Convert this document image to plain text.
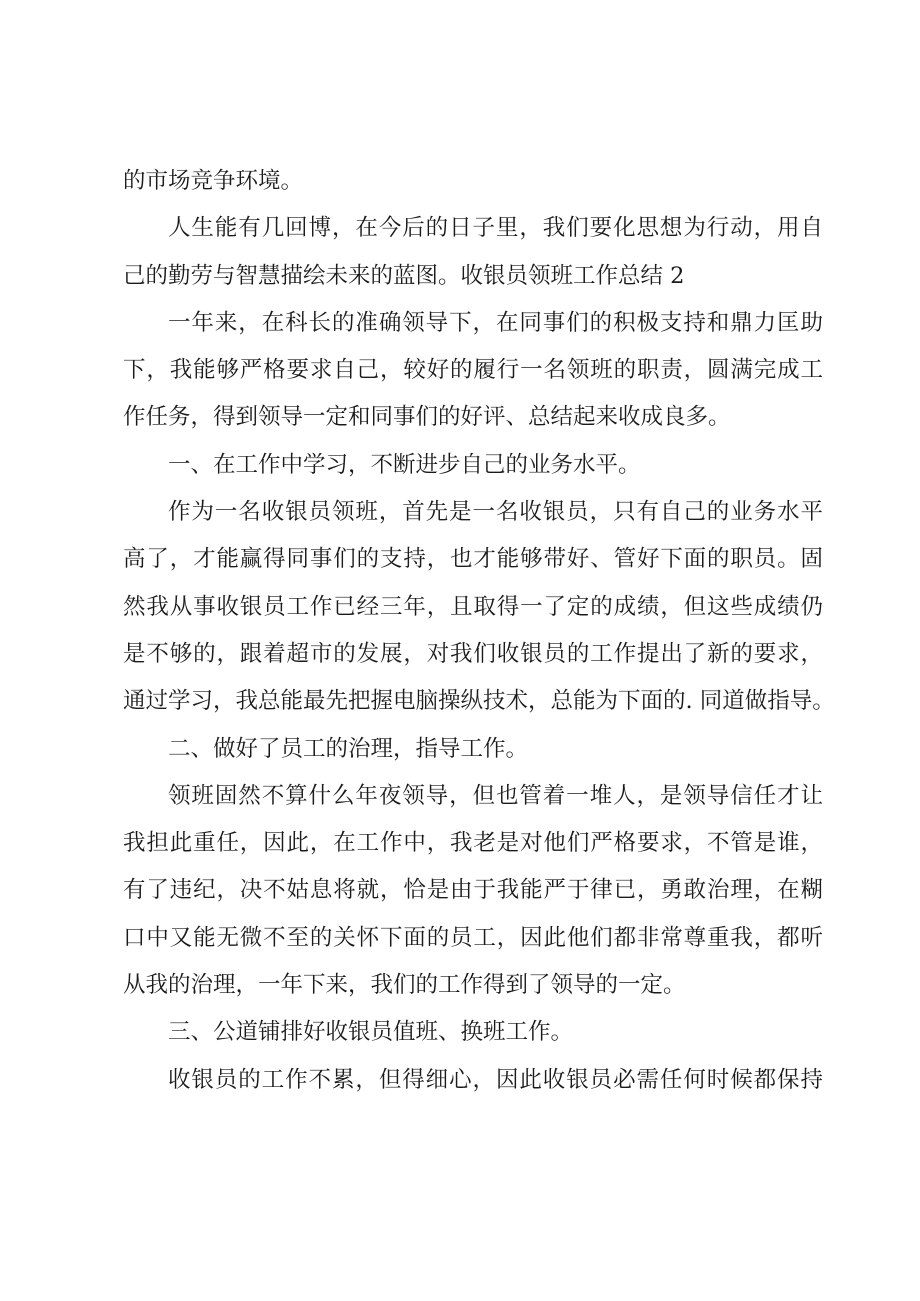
的市场竞争环境。

人生能有几回博，在今后的日子里，我们要化思想为行动，用自
己的勤劳与智慧描绘未来的蓝图。收银员领班工作总结 2

一年来，在科长的准确领导下，在同事们的积极支持和鼎力匡助
下，我能够严格要求自己，较好的履行一名领班的职责，圆满完成工
作任务，得到领导一定和同事们的好评、总结起来收成良多。

一、在工作中学习，不断进步自己的业务水平。

作为一名收银员领班，首先是一名收银员，只有自己的业务水平
高了，才能赢得同事们的支持，也才能够带好、管好下面的职员。固
然我从事收银员工作已经三年，且取得一了定的成绩，但这些成绩仍
是不够的，跟着超市的发展，对我们收银员的工作提出了新的要求，
通过学习，我总能最先把握电脑操纵技术，总能为下面的. 同道做指导。

二、做好了员工的治理，指导工作。

领班固然不算什么年夜领导，但也管着一堆人，是领导信任才让
我担此重任，因此，在工作中，我老是对他们严格要求，不管是谁，
有了违纪，决不姑息将就，恰是由于我能严于律已，勇敢治理，在糊
口中又能无微不至的关怀下面的员工，因此他们都非常尊重我，都听
从我的治理，一年下来，我们的工作得到了领导的一定。

三、公道铺排好收银员值班、换班工作。

收银员的工作不累，但得细心，因此收银员必需任何时候都保持
